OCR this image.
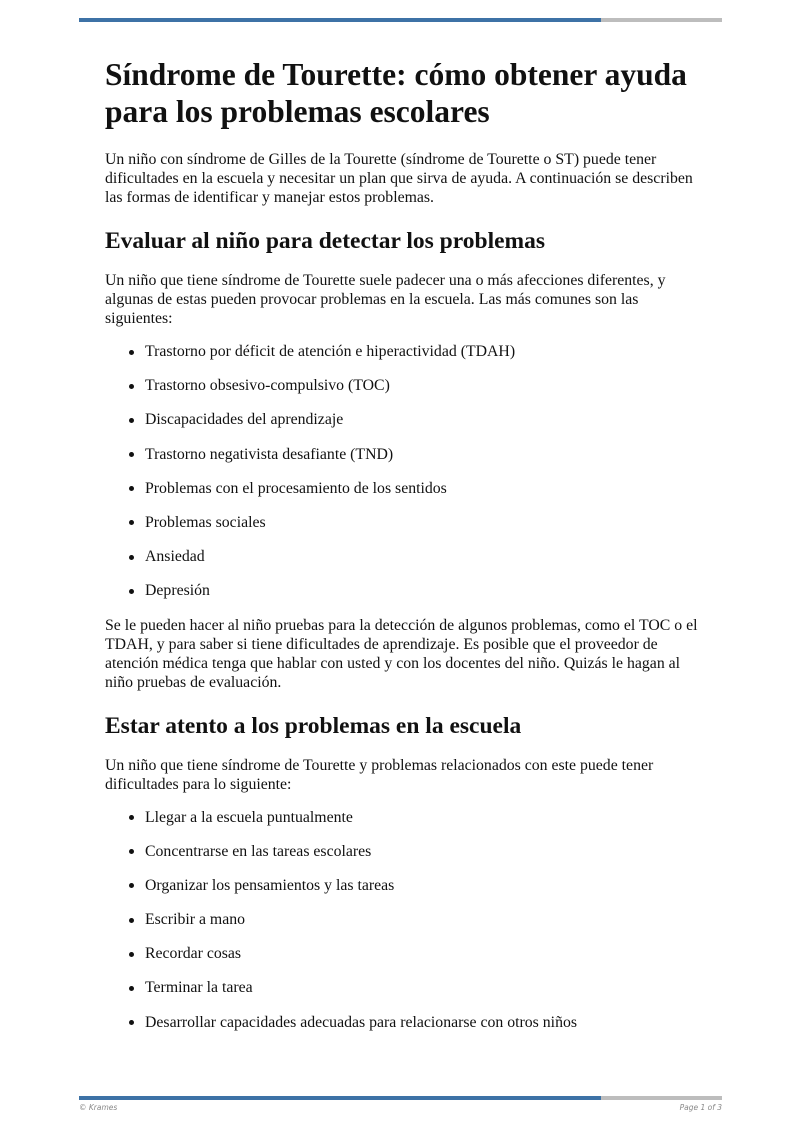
Síndrome de Tourette: cómo obtener ayuda para los problemas escolares

Un niño con síndrome de Gilles de la Tourette (síndrome de Tourette o ST) puede tener dificultades en la escuela y necesitar un plan que sirva de ayuda. A continuación se describen las formas de identificar y manejar estos problemas.

Evaluar al niño para detectar los problemas

Un niño que tiene síndrome de Tourette suele padecer una o más afecciones diferentes, y algunas de estas pueden provocar problemas en la escuela. Las más comunes son las siguientes:

Trastorno por déficit de atención e hiperactividad (TDAH)
Trastorno obsesivo-compulsivo (TOC)
Discapacidades del aprendizaje
Trastorno negativista desafiante (TND)
Problemas con el procesamiento de los sentidos
Problemas sociales
Ansiedad
Depresión

Se le pueden hacer al niño pruebas para la detección de algunos problemas, como el TOC o el TDAH, y para saber si tiene dificultades de aprendizaje. Es posible que el proveedor de atención médica tenga que hablar con usted y con los docentes del niño. Quizás le hagan al niño pruebas de evaluación.

Estar atento a los problemas en la escuela

Un niño que tiene síndrome de Tourette y problemas relacionados con este puede tener dificultades para lo siguiente:

Llegar a la escuela puntualmente
Concentrarse en las tareas escolares
Organizar los pensamientos y las tareas
Escribir a mano
Recordar cosas
Terminar la tarea
Desarrollar capacidades adecuadas para relacionarse con otros niños
© Krames	Page 1 of 3
